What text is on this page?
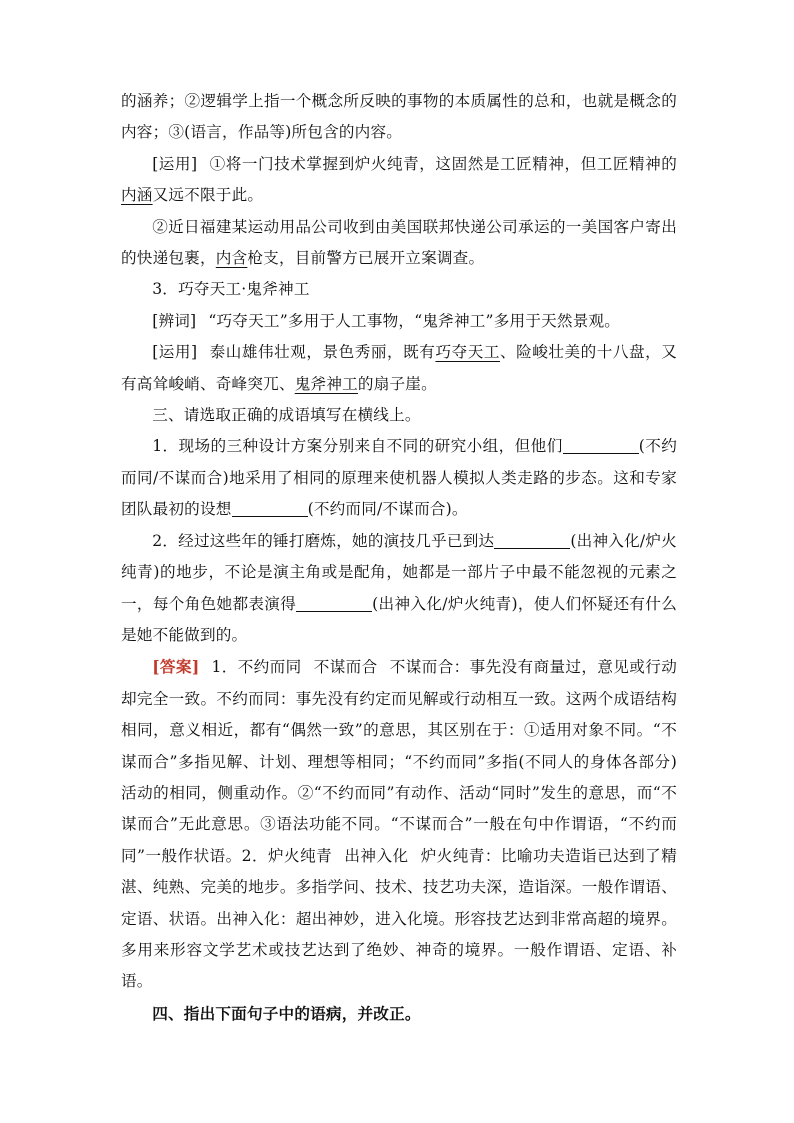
的涵养；②逻辑学上指一个概念所反映的事物的本质属性的总和，也就是概念的内容；③(语言，作品等)所包含的内容。

[运用] ①将一门技术掌握到炉火纯青，这固然是工匠精神，但工匠精神的内涵又远不限于此。

②近日福建某运动用品公司收到由美国联邦快递公司承运的一美国客户寄出的快递包裹，内含枪支，目前警方已展开立案调查。

3．巧夺天工·鬼斧神工

[辨词] “巧夺天工”多用于人工事物，“鬼斧神工”多用于天然景观。

[运用] 泰山雄伟壮观，景色秀丽，既有巧夺天工、险峻壮美的十八盘，又有高耸峻峭、奇峰突兀、鬼斧神工的扇子崖。

三、请选取正确的成语填写在横线上。

1．现场的三种设计方案分别来自不同的研究小组，但他们	(不约而同/不谋而合)地采用了相同的原理来使机器人模拟人类走路的步态。这和专家团队最初的设想	(不约而同/不谋而合)。

2．经过这些年的锤打磨炼，她的演技几乎已到达	(出神入化/炉火纯青)的地步，不论是演主角或是配角，她都是一部片子中最不能忽视的元素之一，每个角色她都表演得	(出神入化/炉火纯青)，使人们怀疑还有什么是她不能做到的。

[答案] 1．不约而同 不谋而合 不谋而合：事先没有商量过，意见或行动却完全一致。不约而同：事先没有约定而见解或行动相互一致。这两个成语结构相同，意义相近，都有“偶然一致”的意思，其区别在于：①适用对象不同。“不谋而合”多指见解、计划、理想等相同；“不约而同”多指(不同人的身体各部分)活动的相同，侧重动作。②“不约而同”有动作、活动“同时”发生的意思，而“不谋而合”无此意思。③语法功能不同。“不谋而合”一般在句中作谓语，“不约而同”一般作状语。2．炉火纯青 出神入化 炉火纯青：比喻功夫造诣已达到了精湛、纯熟、完美的地步。多指学问、技术、技艺功夫深，造诣深。一般作谓语、定语、状语。出神入化：超出神妙，进入化境。形容技艺达到非常高超的境界。多用来形容文学艺术或技艺达到了绝妙、神奇的境界。一般作谓语、定语、补语。

四、指出下面句子中的语病，并改正。
